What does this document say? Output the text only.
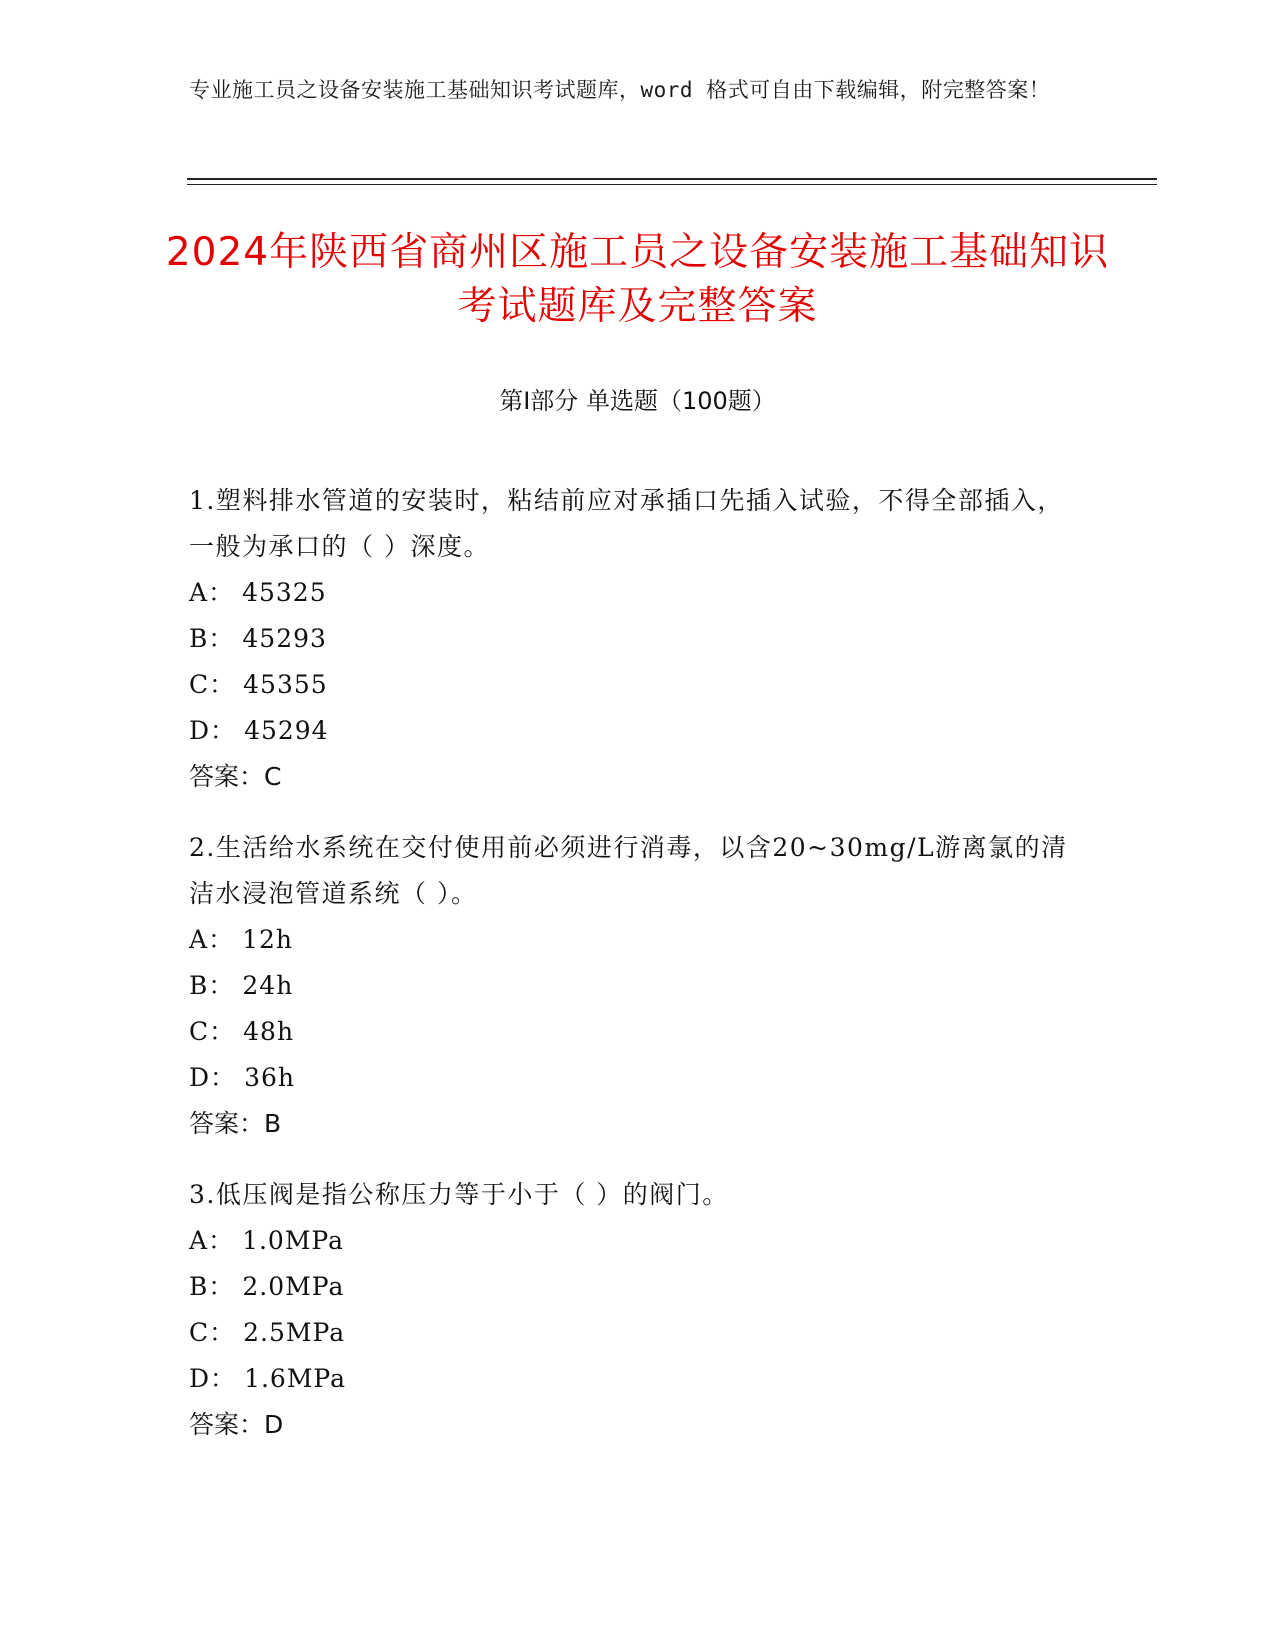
专业施工员之设备安装施工基础知识考试题库，word 格式可自由下载编辑，附完整答案！
2024年陕西省商州区施工员之设备安装施工基础知识考试题库及完整答案
第Ⅰ部分 单选题（100题）
1.塑料排水管道的安装时，粘结前应对承插口先插入试验，不得全部插入，一般为承口的（ ）深度。
A： 45325
B： 45293
C： 45355
D： 45294
答案：C
2.生活给水系统在交付使用前必须进行消毒，以含20~30mg/L游离氯的清洁水浸泡管道系统（ ）。
A： 12h
B： 24h
C： 48h
D： 36h
答案：B
3.低压阀是指公称压力等于小于（ ）的阀门。
A： 1.0MPa
B： 2.0MPa
C： 2.5MPa
D： 1.6MPa
答案：D
